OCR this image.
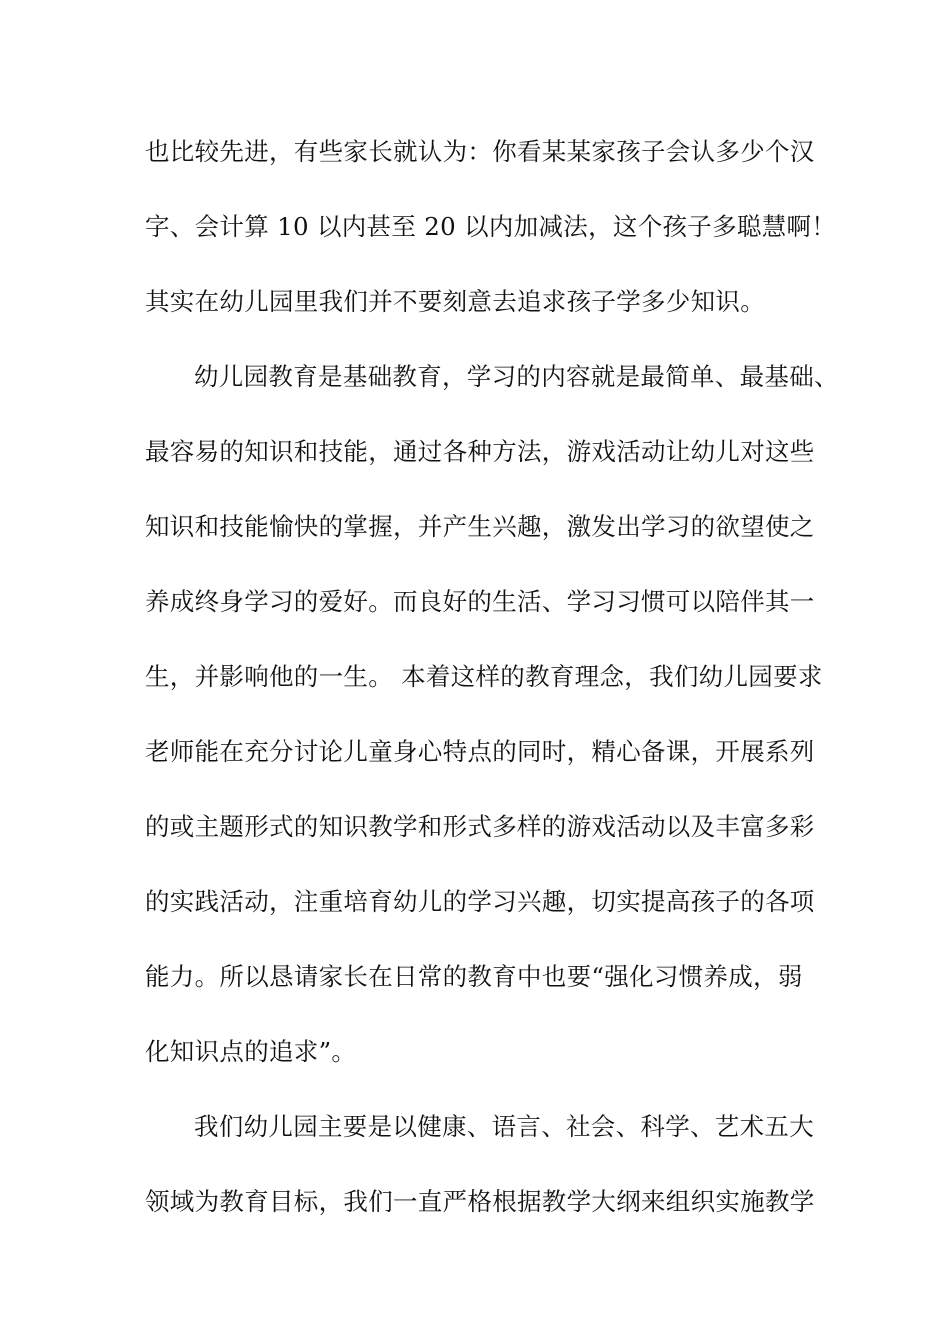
也比较先进，有些家长就认为：你看某某家孩子会认多少个汉
字、会计算 10 以内甚至 20 以内加减法，这个孩子多聪慧啊！
其实在幼儿园里我们并不要刻意去追求孩子学多少知识。
幼儿园教育是基础教育，学习的内容就是最简单、最基础、
最容易的知识和技能，通过各种方法，游戏活动让幼儿对这些
知识和技能愉快的掌握，并产生兴趣，激发出学习的欲望使之
养成终身学习的爱好。而良好的生活、学习习惯可以陪伴其一
生，并影响他的一生。 本着这样的教育理念，我们幼儿园要求
老师能在充分讨论儿童身心特点的同时，精心备课，开展系列
的或主题形式的知识教学和形式多样的游戏活动以及丰富多彩
的实践活动，注重培育幼儿的学习兴趣，切实提高孩子的各项
能力。所以恳请家长在日常的教育中也要“强化习惯养成，弱
化知识点的追求”。
我们幼儿园主要是以健康、语言、社会、科学、艺术五大
领域为教育目标，我们一直严格根据教学大纲来组织实施教学
